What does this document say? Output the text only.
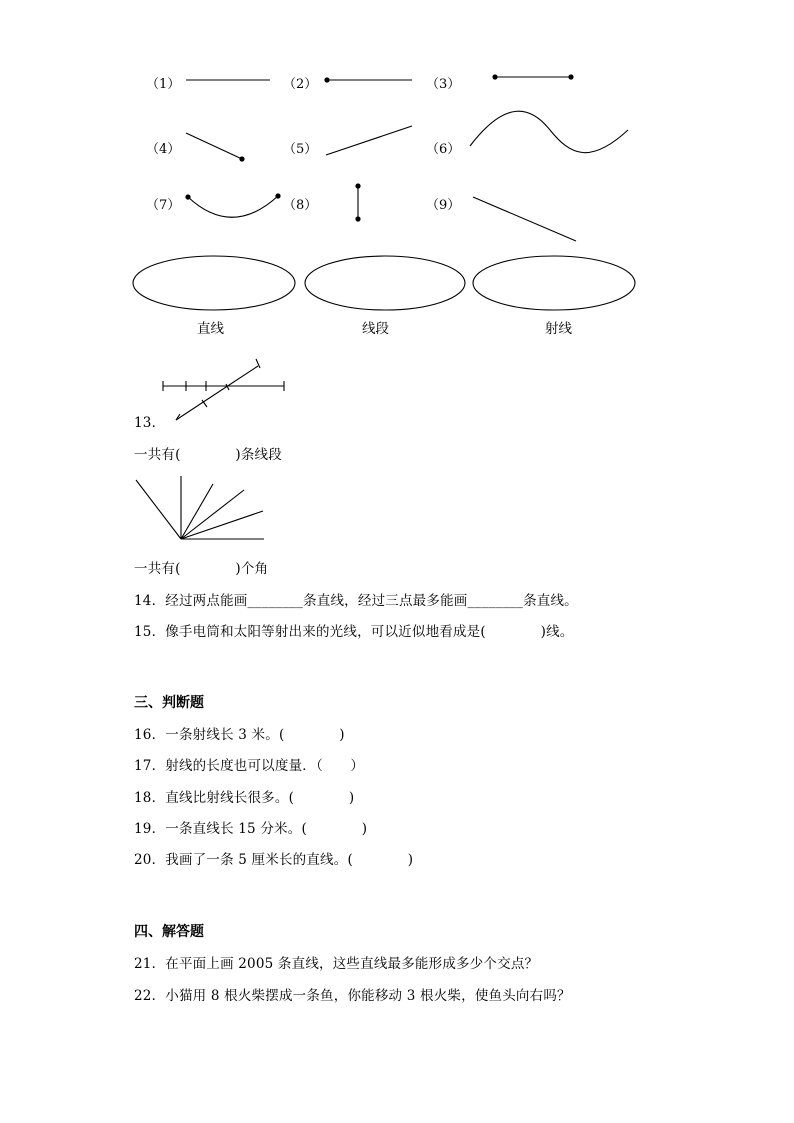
（1）	（2）	（3）
（4）	（5）	（6）
（7）	（8）	（9）
直线	线段	射线
13．
一共有(　　　　)条线段
一共有(　　　　)个角
14．经过两点能画________条直线，经过三点最多能画________条直线。
15．像手电筒和太阳等射出来的光线，可以近似地看成是(　　　　)线。
三、判断题
16．一条射线长 3 米。(　　　　)
17．射线的长度也可以度量．（　　）
18．直线比射线长很多。(　　　　)
19．一条直线长 15 分米。(　　　　)
20．我画了一条 5 厘米长的直线。(　　　　)
四、解答题
21．在平面上画 2005 条直线，这些直线最多能形成多少个交点？
22．小猫用 8 根火柴摆成一条鱼，你能移动 3 根火柴，使鱼头向右吗？
